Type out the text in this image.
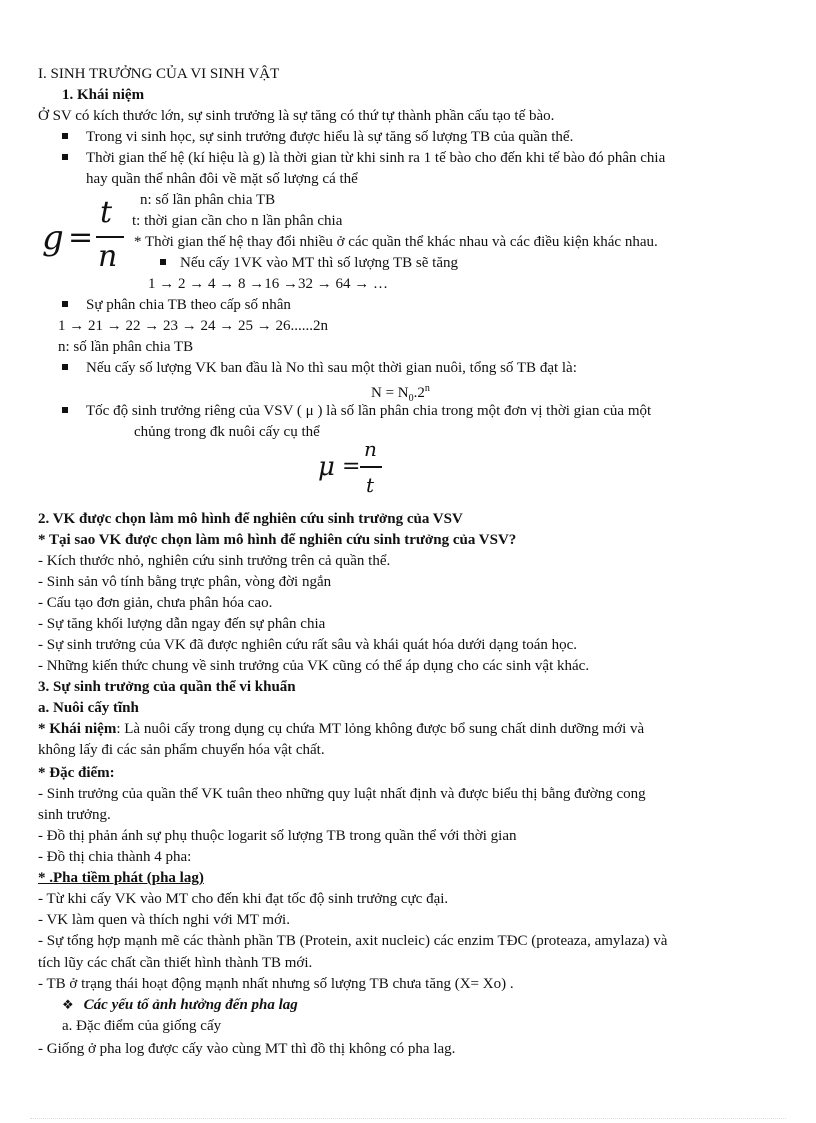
I. SINH TRƯỞNG CỦA VI SINH VẬT
1. Khái niệm
Ở SV có kích thước lớn, sự sinh trưởng là sự tăng có thứ tự thành phần cấu tạo tế bào.
Trong vi sinh học, sự sinh trưởng được hiểu là sự tăng số lượng TB của quần thể.
Thời gian thế hệ (kí hiệu là g) là thời gian từ khi sinh ra 1 tế bào cho đến khi tế bào đó phân chia
hay quần thể nhân đôi về mặt số lượng cá thể
g =
t
n
n: số lần phân chia TB
t: thời gian cần cho n lần phân chia
* Thời gian thế hệ thay đổi nhiều ở các quần thể khác nhau và các điều kiện khác nhau.
Nếu cấy 1VK vào MT thì số lượng TB sẽ tăng
1 → 2 → 4 → 8 →16 →32 → 64 → …
Sự phân chia TB theo cấp số nhân
1 → 21 → 22 → 23 → 24 → 25 → 26......2n
n: số lần phân chia TB
Nếu cấy số lượng VK ban đầu là No thì sau một thời gian nuôi, tổng số TB đạt là:
$N = N_0.2^n$
Tốc độ sinh trưởng riêng của VSV ( μ ) là số lần phân chia trong một đơn vị thời gian của một
chủng trong đk nuôi cấy cụ thể
μ =
n
t
2. VK được chọn làm mô hình để nghiên cứu sinh trưởng của VSV
* Tại sao VK được chọn làm mô hình để nghiên cứu sinh trưởng của VSV?
- Kích thước nhỏ, nghiên cứu sinh trưởng trên cả quần thể.
- Sinh sản vô tính bằng trực phân, vòng đời ngắn
- Cấu tạo đơn giản, chưa phân hóa cao.
- Sự tăng khối lượng dẫn ngay đến sự phân chia
- Sự sinh trưởng của VK đã được nghiên cứu rất sâu và khái quát hóa dưới dạng toán học.
- Những kiến thức chung về sinh trưởng của VK cũng có thể áp dụng cho các sinh vật khác.
3. Sự sinh trưởng của quần thể vi khuẩn
a. Nuôi cấy tĩnh
* Khái niệm: Là nuôi cấy trong dụng cụ chứa MT lỏng không được bổ sung chất dinh dưỡng mới và
không lấy đi các sản phẩm chuyển hóa vật chất.
* Đặc điểm:
- Sinh trưởng của quần thể VK tuân theo những quy luật nhất định và được biểu thị bằng đường cong
sinh trưởng.
- Đồ thị phản ánh sự phụ thuộc logarit số lượng TB trong quần thể với thời gian
- Đồ thị chia thành 4 pha:
* .Pha tiềm phát (pha lag)
- Từ khi cấy VK vào MT cho đến khi đạt tốc độ sinh trưởng cực đại.
- VK làm quen và thích nghi với MT mới.
- Sự tổng hợp mạnh mẽ các thành phần TB (Protein, axit nucleic) các enzim TĐC (proteaza, amylaza) và
tích lũy các chất cần thiết hình thành TB mới.
- TB ở trạng thái hoạt động mạnh nhất nhưng số lượng TB chưa tăng (X= Xo) .
❖ Các yếu tố ảnh hưởng đến pha lag
a. Đặc điểm của giống cấy
- Giống ở pha log được cấy vào cùng MT thì đồ thị không có pha lag.
